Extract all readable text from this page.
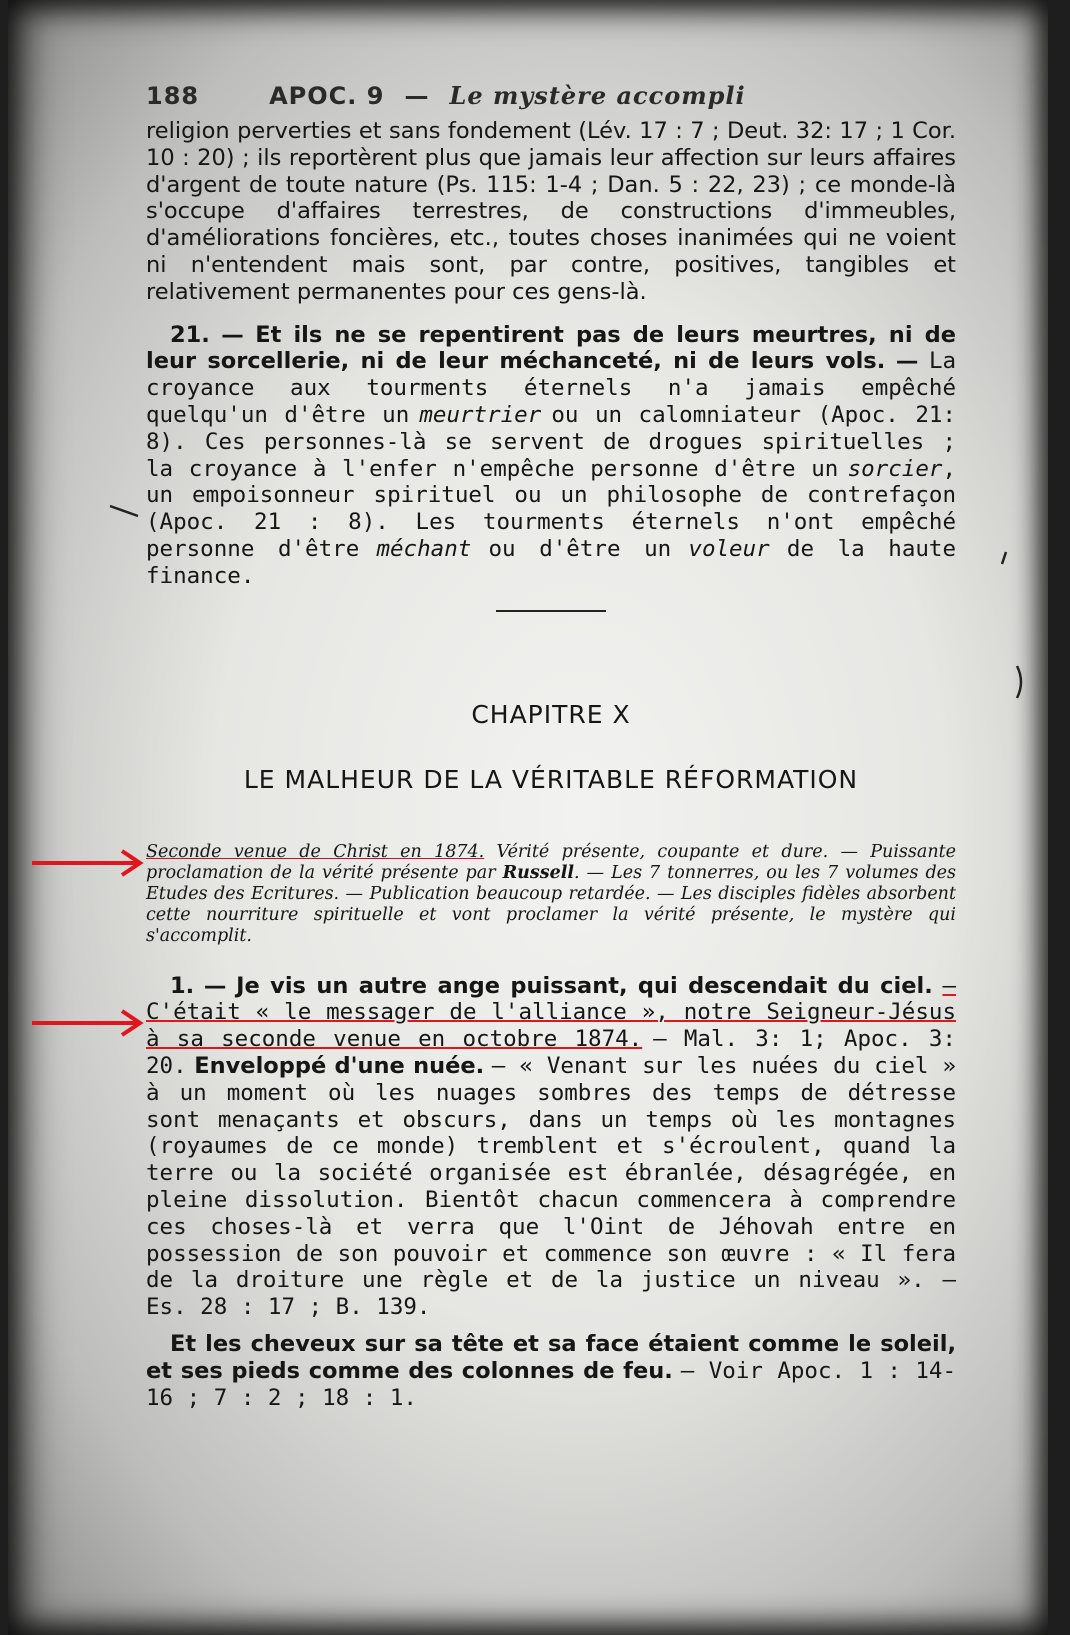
188	APOC. 9 — Le mystère accompli

religion perverties et sans fondement (Lév. 17 : 7 ; Deut. 32: 17 ; 1 Cor. 10 : 20) ; ils reportèrent plus que jamais leur affection sur leurs affaires d'argent de toute nature (Ps. 115: 1-4 ; Dan. 5 : 22, 23) ; ce monde-là s'occupe d'affaires terrestres, de constructions d'immeubles, d'améliorations foncières, etc., toutes choses inanimées qui ne voient ni n'entendent mais sont, par contre, positives, tangibles et relativement permanentes pour ces gens-là.

21. — Et ils ne se repentirent pas de leurs meurtres, ni de leur sorcellerie, ni de leur méchanceté, ni de leurs vols. — La croyance aux tourments éternels n'a jamais empêché quelqu'un d'être un meurtrier ou un calomniateur (Apoc. 21: 8). Ces personnes-là se servent de drogues spirituelles ; la croyance à l'enfer n'empêche personne d'être un sorcier, un empoisonneur spirituel ou un philosophe de contrefaçon (Apoc. 21 : 8). Les tourments éternels n'ont empêché personne d'être méchant ou d'être un voleur de la haute finance.

CHAPITRE X
LE MALHEUR DE LA VÉRITABLE RÉFORMATION

Seconde venue de Christ en 1874. Vérité présente, coupante et dure. — Puissante proclamation de la vérité présente par Russell. — Les 7 tonnerres, ou les 7 volumes des Etudes des Ecritures. — Publication beaucoup retardée. — Les disciples fidèles absorbent cette nourriture spirituelle et vont proclamer la vérité présente, le mystère qui s'accomplit.

1. — Je vis un autre ange puissant, qui descendait du ciel. — C'était « le messager de l'alliance », notre Seigneur-Jésus à sa seconde venue en octobre 1874. — Mal. 3: 1; Apoc. 3: 20. Enveloppé d'une nuée. — « Venant sur les nuées du ciel » à un moment où les nuages sombres des temps de détresse sont menaçants et obscurs, dans un temps où les montagnes (royaumes de ce monde) tremblent et s'écroulent, quand la terre ou la société organisée est ébranlée, désagrégée, en pleine dissolution. Bientôt chacun commencera à comprendre ces choses-là et verra que l'Oint de Jéhovah entre en possession de son pouvoir et commence son œuvre : « Il fera de la droiture une règle et de la justice un niveau ». — Es. 28 : 17 ; B. 139.

Et les cheveux sur sa tête et sa face étaient comme le soleil, et ses pieds comme des colonnes de feu. — Voir Apoc. 1 : 14-16 ; 7 : 2 ; 18 : 1.
